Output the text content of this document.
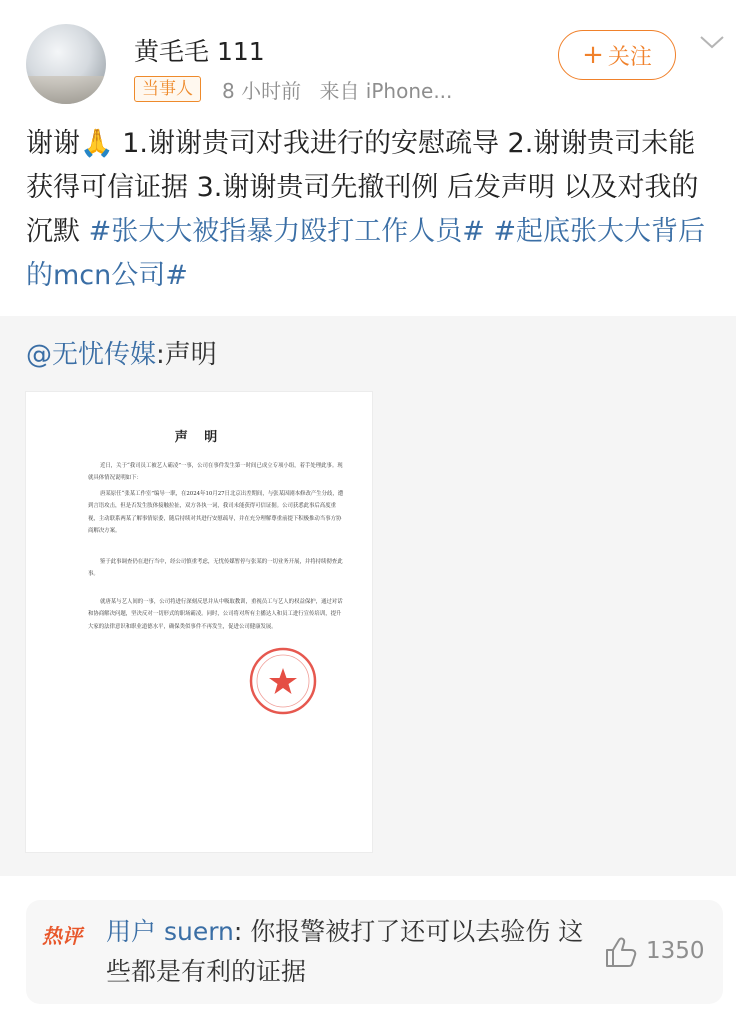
黄毛毛 111
当事人	8 小时前 来自 iPhone...
+ 关注
谢谢🙏 1.谢谢贵司对我进行的安慰疏导 2.谢谢贵司未能获得可信证据 3.谢谢贵司先撤刊例 后发声明 以及对我的沉默 #张大大被指暴力殴打工作人员# #起底张大大背后的mcn公司#
@无忧传媒:声明
声 明
近日，关于“我司员工被艺人霸凌”一事，公司在事件发生第一时间已成立专项小组，着手处理此事。现就具体情况说明如下：
唐某原任“张某工作室”编导一职，在2024年10月27日北京出差期间，与张某因剧本修改产生分歧，遭到言语攻击，但是否发生肢体接触拉扯，双方各执一词，我司未能获得可信证据。公司获悉此事后高度重视，主动联系两某了解事情原委，随后持续对其进行安慰疏导，并在充分理解尊重前提下积极推动当事方协商解决方案。
鉴于此事调查仍在进行当中，经公司慎重考虑，无忧传媒暂停与张某的一切业务开展，并将持续彻查此事。
就唐某与艺人间的一事，公司将进行深刻反思并从中吸取教训，重视员工与艺人的权益保护，通过对话和协商解决问题，坚决反对一切形式的职场霸凌。同时，公司将对所有主播达人和员工进行宣传培训，提升大家的法律意识和职业道德水平，确保类似事件不再发生，促进公司健康发展。
热评 用户 suern: 你报警被打了还可以去验伤 这些都是有利的证据
1350
